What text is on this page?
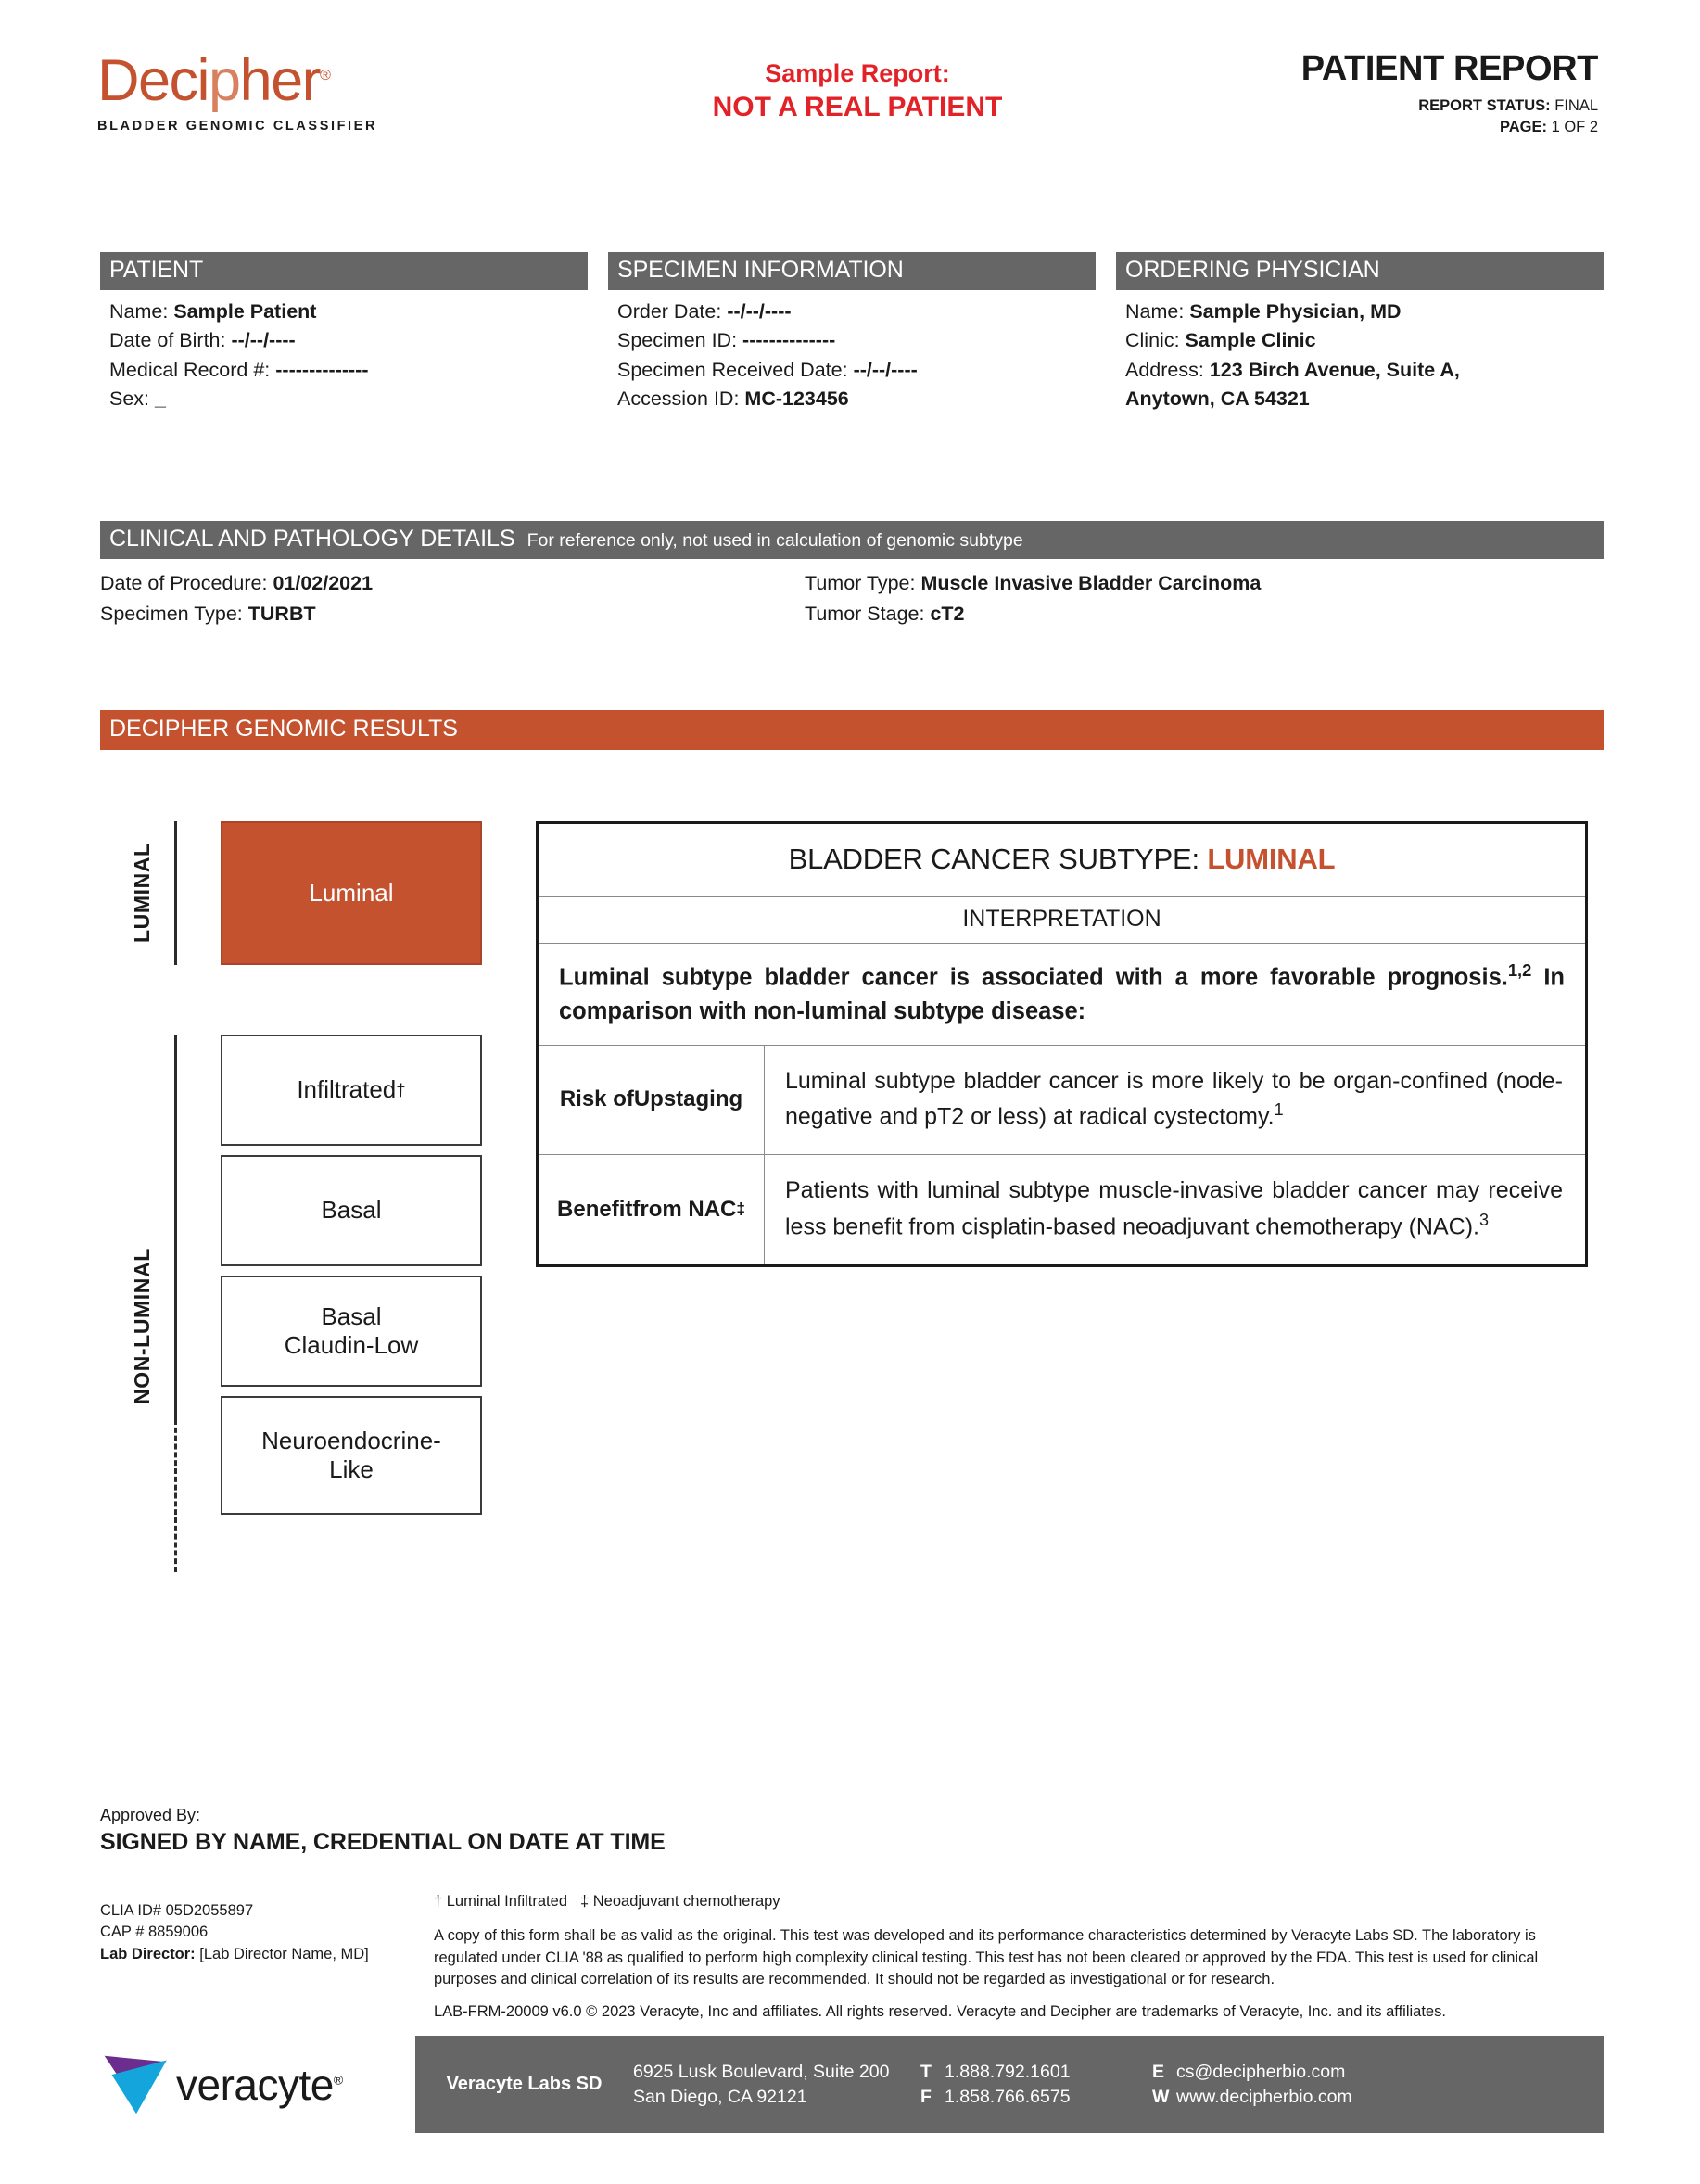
Decipher®
BLADDER GENOMIC CLASSIFIER
Sample Report:
NOT A REAL PATIENT
PATIENT REPORT
REPORT STATUS: FINAL
PAGE: 1 OF 2
PATIENT
Name: Sample Patient
Date of Birth: --/--/----
Medical Record #: --------------
Sex: _
SPECIMEN INFORMATION
Order Date: --/--/----
Specimen ID: --------------
Specimen Received Date: --/--/----
Accession ID: MC-123456
ORDERING PHYSICIAN
Name: Sample Physician, MD
Clinic: Sample Clinic
Address: 123 Birch Avenue, Suite A,
Anytown, CA 54321
CLINICAL AND PATHOLOGY DETAILS For reference only, not used in calculation of genomic subtype
Date of Procedure: 01/02/2021
Specimen Type: TURBT
Tumor Type: Muscle Invasive Bladder Carcinoma
Tumor Stage: cT2
DECIPHER GENOMIC RESULTS
LUMINAL
NON-LUMINAL
Luminal
Infiltrated †
Basal
Basal
Claudin-Low
Neuroendocrine-
Like
BLADDER CANCER SUBTYPE: LUMINAL
INTERPRETATION
Luminal subtype bladder cancer is associated with a more favorable prognosis.$^{1,2}$ In comparison with non-luminal subtype disease:
Risk of Upstaging
Luminal subtype bladder cancer is more likely to be organ-confined (node-negative and pT2 or less) at radical cystectomy.$^1$
Benefit from NAC ‡
Patients with luminal subtype muscle-invasive bladder cancer may receive less benefit from cisplatin-based neoadjuvant chemotherapy (NAC).$^3$
Approved By:
SIGNED BY NAME, CREDENTIAL ON DATE AT TIME
CLIA ID# 05D2055897
CAP # 8859006
Lab Director: [Lab Director Name, MD]
† Luminal Infiltrated ‡ Neoadjuvant chemotherapy
A copy of this form shall be as valid as the original. This test was developed and its performance characteristics determined by Veracyte Labs SD. The laboratory is regulated under CLIA '88 as qualified to perform high complexity clinical testing. This test has not been cleared or approved by the FDA. This test is used for clinical purposes and clinical correlation of its results are recommended. It should not be regarded as investigational or for research.
LAB-FRM-20009 v6.0 © 2023 Veracyte, Inc and affiliates. All rights reserved. Veracyte and Decipher are trademarks of Veracyte, Inc. and its affiliates.
veracyte®	Veracyte Labs SD
6925 Lusk Boulevard, Suite 200
San Diego, CA 92121
T 1.888.792.1601
F 1.858.766.6575
E cs@decipherbio.com
W www.decipherbio.com
